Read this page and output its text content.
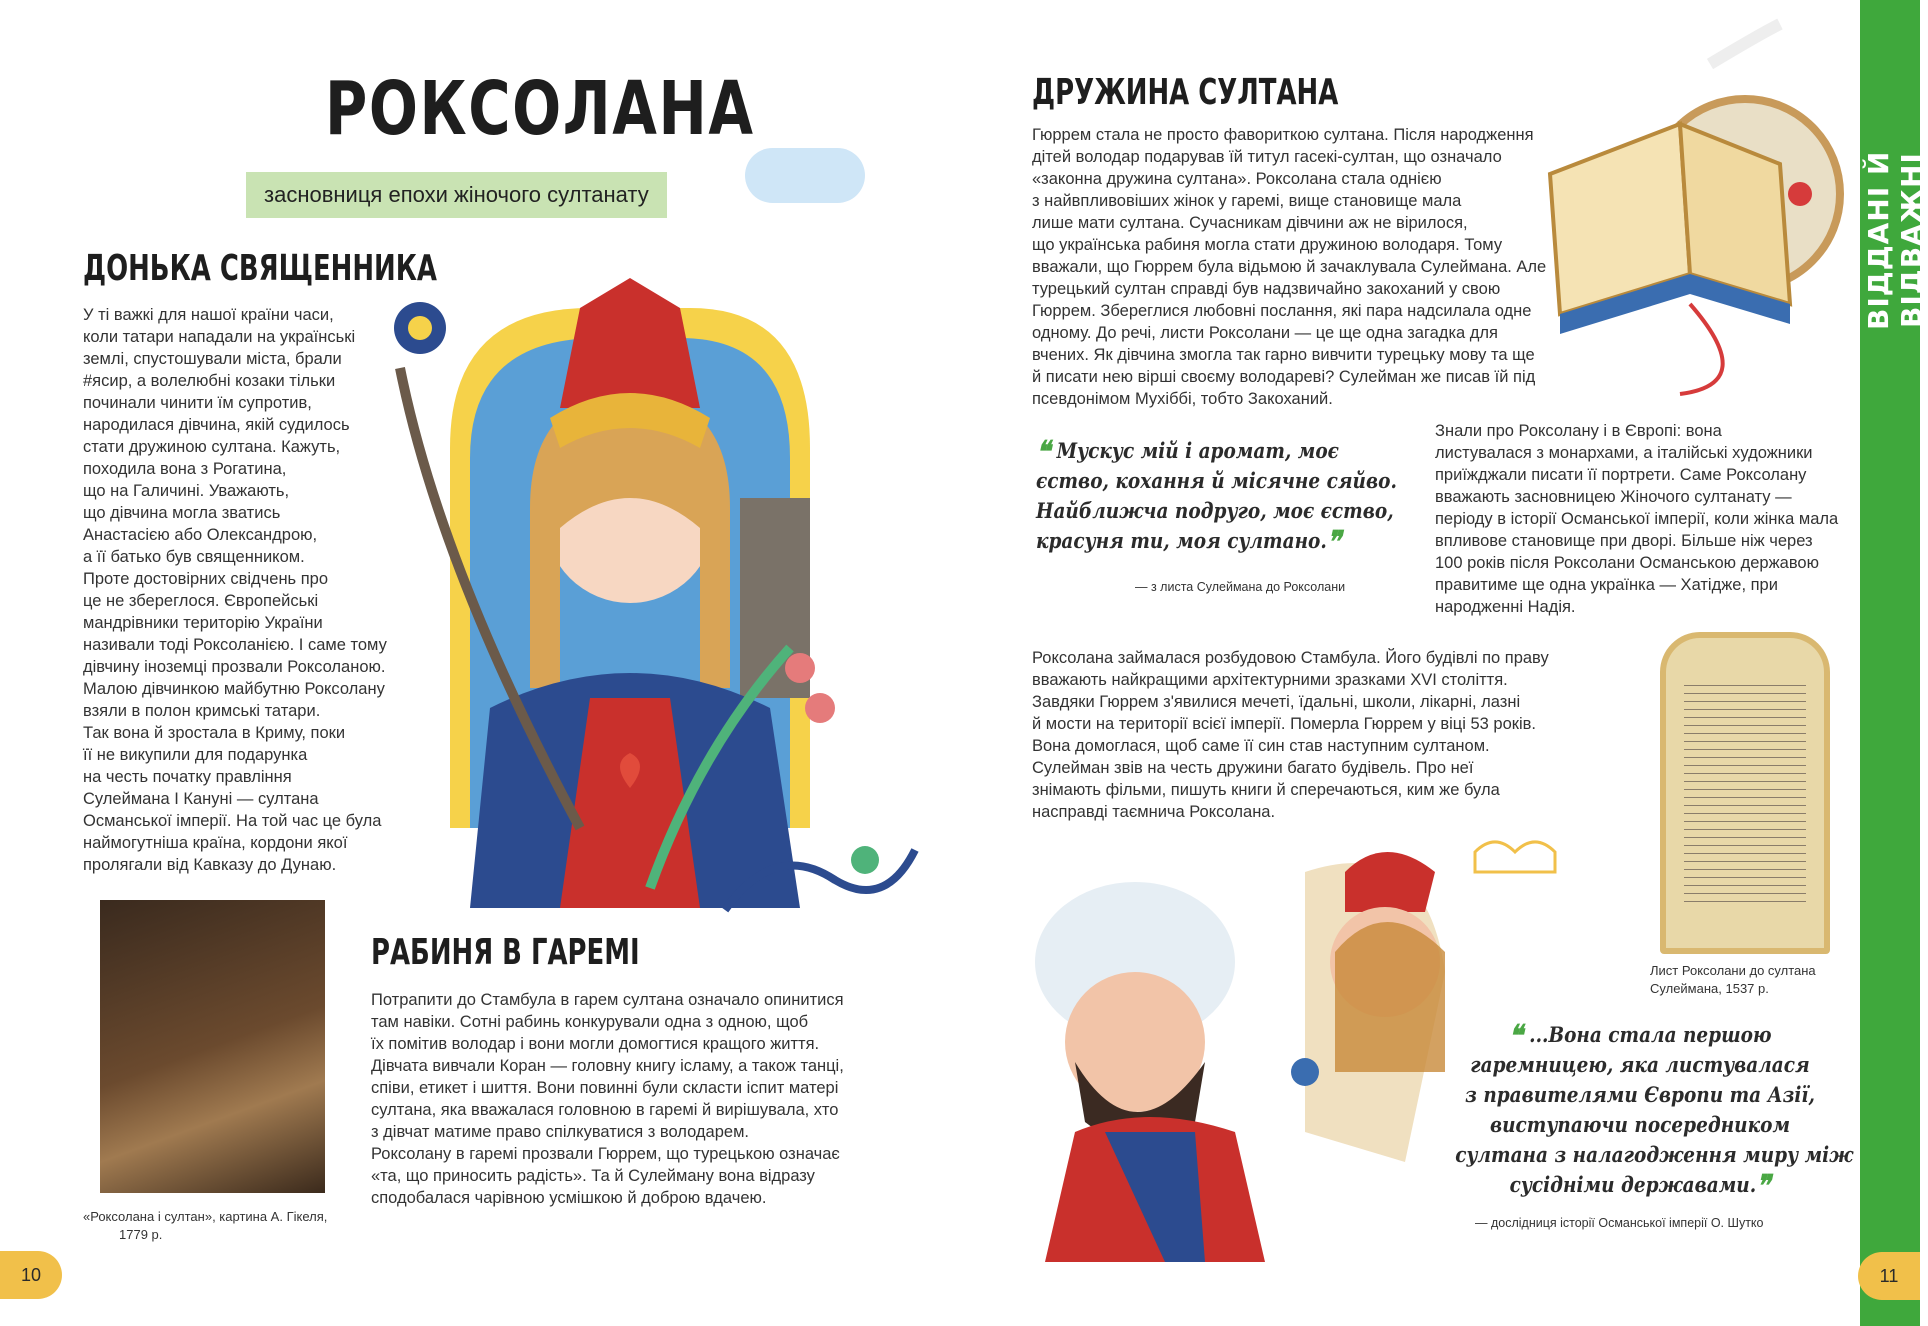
РОКСОЛАНА
засновниця епохи жіночого султанату
ДОНЬКА СВЯЩЕННИКА

У ті важкі для нашої країни часи,

коли татари нападали на українські

землі, спустошували міста, брали

#ясир, а волелюбні козаки тільки

починали чинити їм супротив,

народилася дівчина, якій судилось

стати дружиною султана. Кажуть,

походила вона з Рогатина,

що на Галичині. Уважають,

що дівчина могла зватись

Анастасією або Олександрою,

а її батько був священником.

Проте достовірних свідчень про

це не збереглося. Європейські

мандрівники територію України

називали тоді Роксоланією. І саме тому

дівчину іноземці прозвали Роксоланою.

Малою дівчинкою майбутню Роксолану

взяли в полон кримські татари.

Так вона й зростала в Криму, поки

її не викупили для подарунка

на честь початку правління

Сулеймана І Кануні — султана

Османської імперії. На той час це була

наймогутніша країна, кордони якої

пролягали від Кавказу до Дунаю.

«Роксолана і султан», картина А. Гікеля,
1779 р.
РАБИНЯ В ГАРЕМІ

Потрапити до Стамбула в гарем султана означало опинитися

там навіки. Сотні рабинь конкурували одна з одною, щоб

їх помітив володар і вони могли домогтися кращого життя.

Дівчата вивчали Коран — головну книгу ісламу, а також танці,

співи, етикет і шиття. Вони повинні були скласти іспит матері

султана, яка вважалася головною в гаремі й вирішувала, хто

з дівчат матиме право спілкуватися з володарем.

Роксолану в гаремі прозвали Гюррем, що турецькою означає

«та, що приносить радість». Та й Сулейману вона відразу

сподобалася чарівною усмішкою й доброю вдачею.

10
ДРУЖИНА СУЛТАНА

Гюррем стала не просто фавориткою султана. Після народження

дітей володар подарував їй титул гасекі-султан, що означало

«законна дружина султана». Роксолана стала однією

з найвпливовіших жінок у гаремі, вище становище мала

лише мати султана. Сучасникам дівчини аж не вірилося,

що українська рабиня могла стати дружиною володаря. Тому

вважали, що Гюррем була відьмою й зачаклувала Сулеймана. Але

турецький султан справді був надзвичайно закоханий у свою

Гюррем. Збереглися любовні послання, які пара надсилала одне

одному. До речі, листи Роксолани — це ще одна загадка для

вчених. Як дівчина змогла так гарно вивчити турецьку мову та ще

й писати нею вірші своєму володареві? Сулейман же писав їй під

псевдонімом Мухіббі, тобто Закоханий.

❝ Мускус мій і аромат, моє
єство, кохання й місячне сяйво.
Найближча подруго, моє єство,
красуня ти, моя султано.❞
— з листа Сулеймана до Роксолани

Знали про Роксолану і в Європі: вона

листувалася з монархами, а італійські художники

приїжджали писати її портрети. Саме Роксолану

вважають засновницею Жіночого султанату —

періоду в історії Османської імперії, коли жінка мала

впливове становище при дворі. Більше ніж через

100 років після Роксолани Османською державою

правитиме ще одна українка — Хатідже, при

народженні Надія.

Роксолана займалася розбудовою Стамбула. Його будівлі по праву

вважають найкращими архітектурними зразками XVI століття.

Завдяки Гюррем з'явилися мечеті, їдальні, школи, лікарні, лазні

й мости на території всієї імперії. Померла Гюррем у віці 53 років.

Вона домоглася, щоб саме її син став наступним султаном.

Сулейман звів на честь дружини багато будівель. Про неї

знімають фільми, пишуть книги й сперечаються, ким же була

насправді таємнича Роксолана.

Лист Роксолани до султана
Сулеймана, 1537 р.
❝ ...Вона стала першою
гаремницею, яка листувалася
з правителями Європи та Азії,
виступаючи посередником
султана з налагодження миру між
сусідніми державами.❞
— дослідниця історії Османської імперії О. Шутко
ВІДДАНІ Й ВІДВАЖНІ
11
